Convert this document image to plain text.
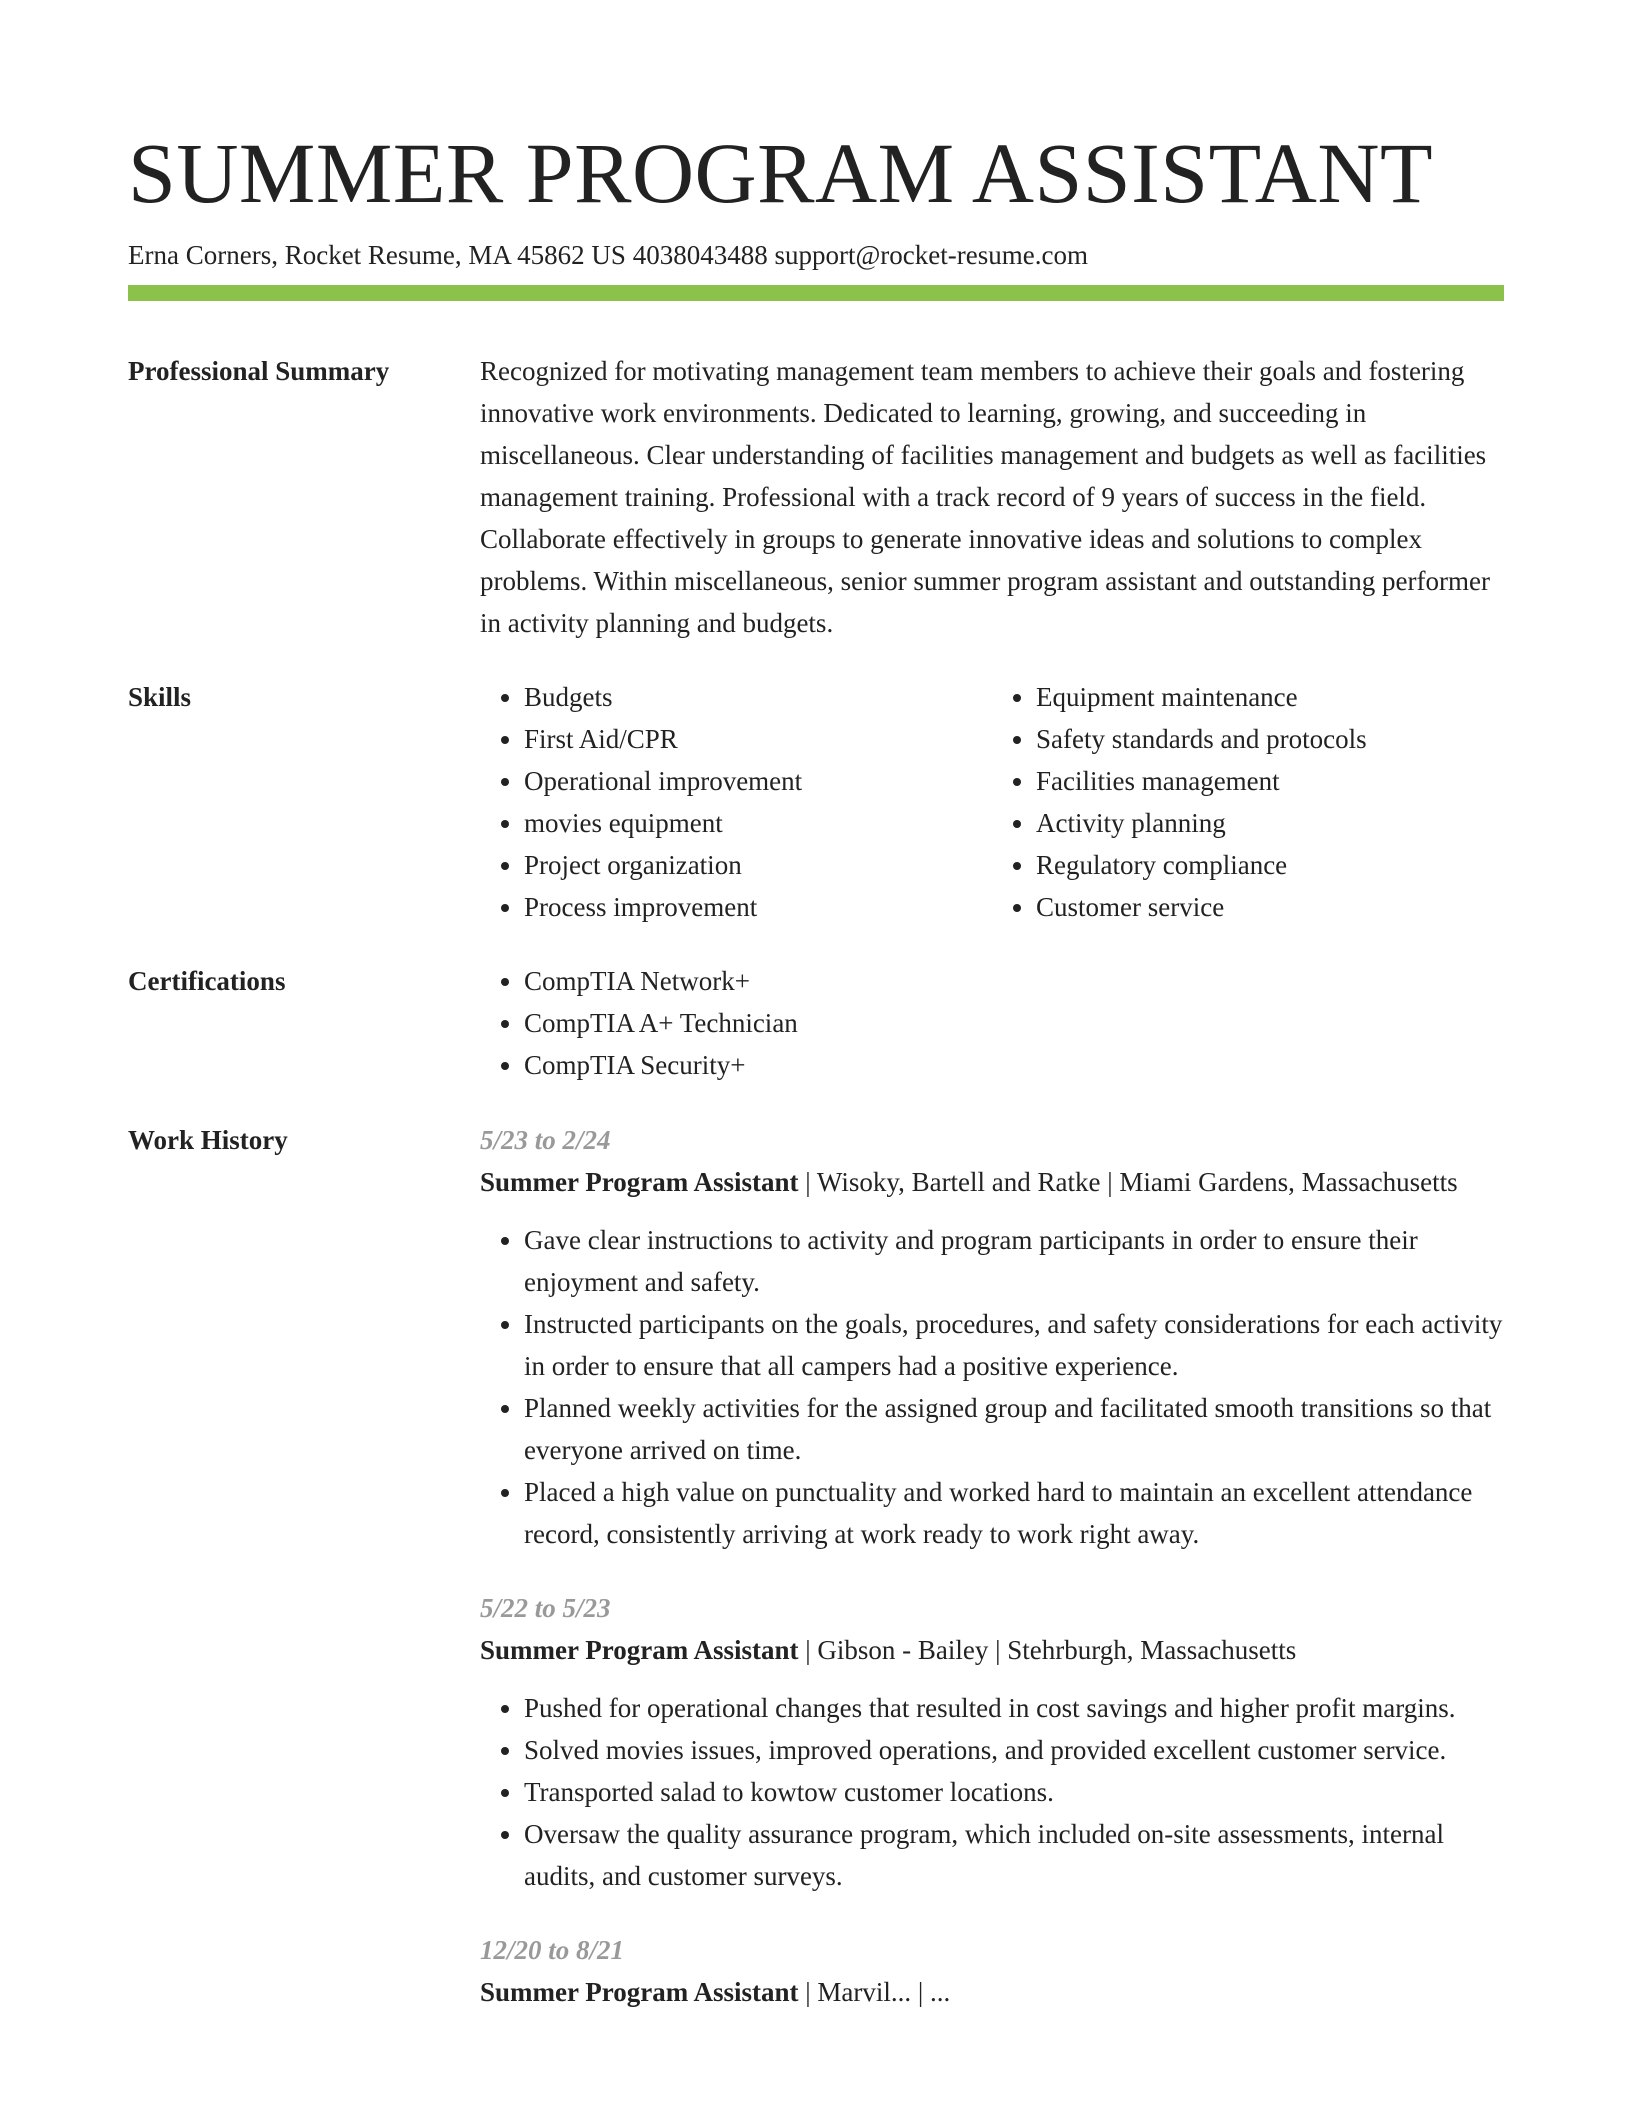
SUMMER PROGRAM ASSISTANT
Erna Corners, Rocket Resume, MA 45862 US 4038043488 support@rocket-resume.com
Professional Summary	Recognized for motivating management team members to achieve their goals and fostering innovative work environments. Dedicated to learning, growing, and succeeding in miscellaneous. Clear understanding of facilities management and budgets as well as facilities management training. Professional with a track record of 9 years of success in the field. Collaborate effectively in groups to generate innovative ideas and solutions to complex problems. Within miscellaneous, senior summer program assistant and outstanding performer in activity planning and budgets.

Skills	• Budgets
• First Aid/CPR
• Operational improvement
• movies equipment
• Project organization
• Process improvement
• Equipment maintenance
• Safety standards and protocols
• Facilities management
• Activity planning
• Regulatory compliance
• Customer service
Certifications	• CompTIA Network+
• CompTIA A+ Technician
• CompTIA Security+
Work History	5/23 to 2/24
Summer Program Assistant | Wisoky, Bartell and Ratke | Miami Gardens, Massachusetts
• Gave clear instructions to activity and program participants in order to ensure their enjoyment and safety.
• Instructed participants on the goals, procedures, and safety considerations for each activity in order to ensure that all campers had a positive experience.
• Planned weekly activities for the assigned group and facilitated smooth transitions so that everyone arrived on time.
• Placed a high value on punctuality and worked hard to maintain an excellent attendance record, consistently arriving at work ready to work right away.
5/22 to 5/23
Summer Program Assistant | Gibson - Bailey | Stehrburgh, Massachusetts
• Pushed for operational changes that resulted in cost savings and higher profit margins.
• Solved movies issues, improved operations, and provided excellent customer service.
• Transported salad to kowtow customer locations.
• Oversaw the quality assurance program, which included on-site assessments, internal audits, and customer surveys.
12/20 to 8/21
Summer Program Assistant | Marvil... | ...
